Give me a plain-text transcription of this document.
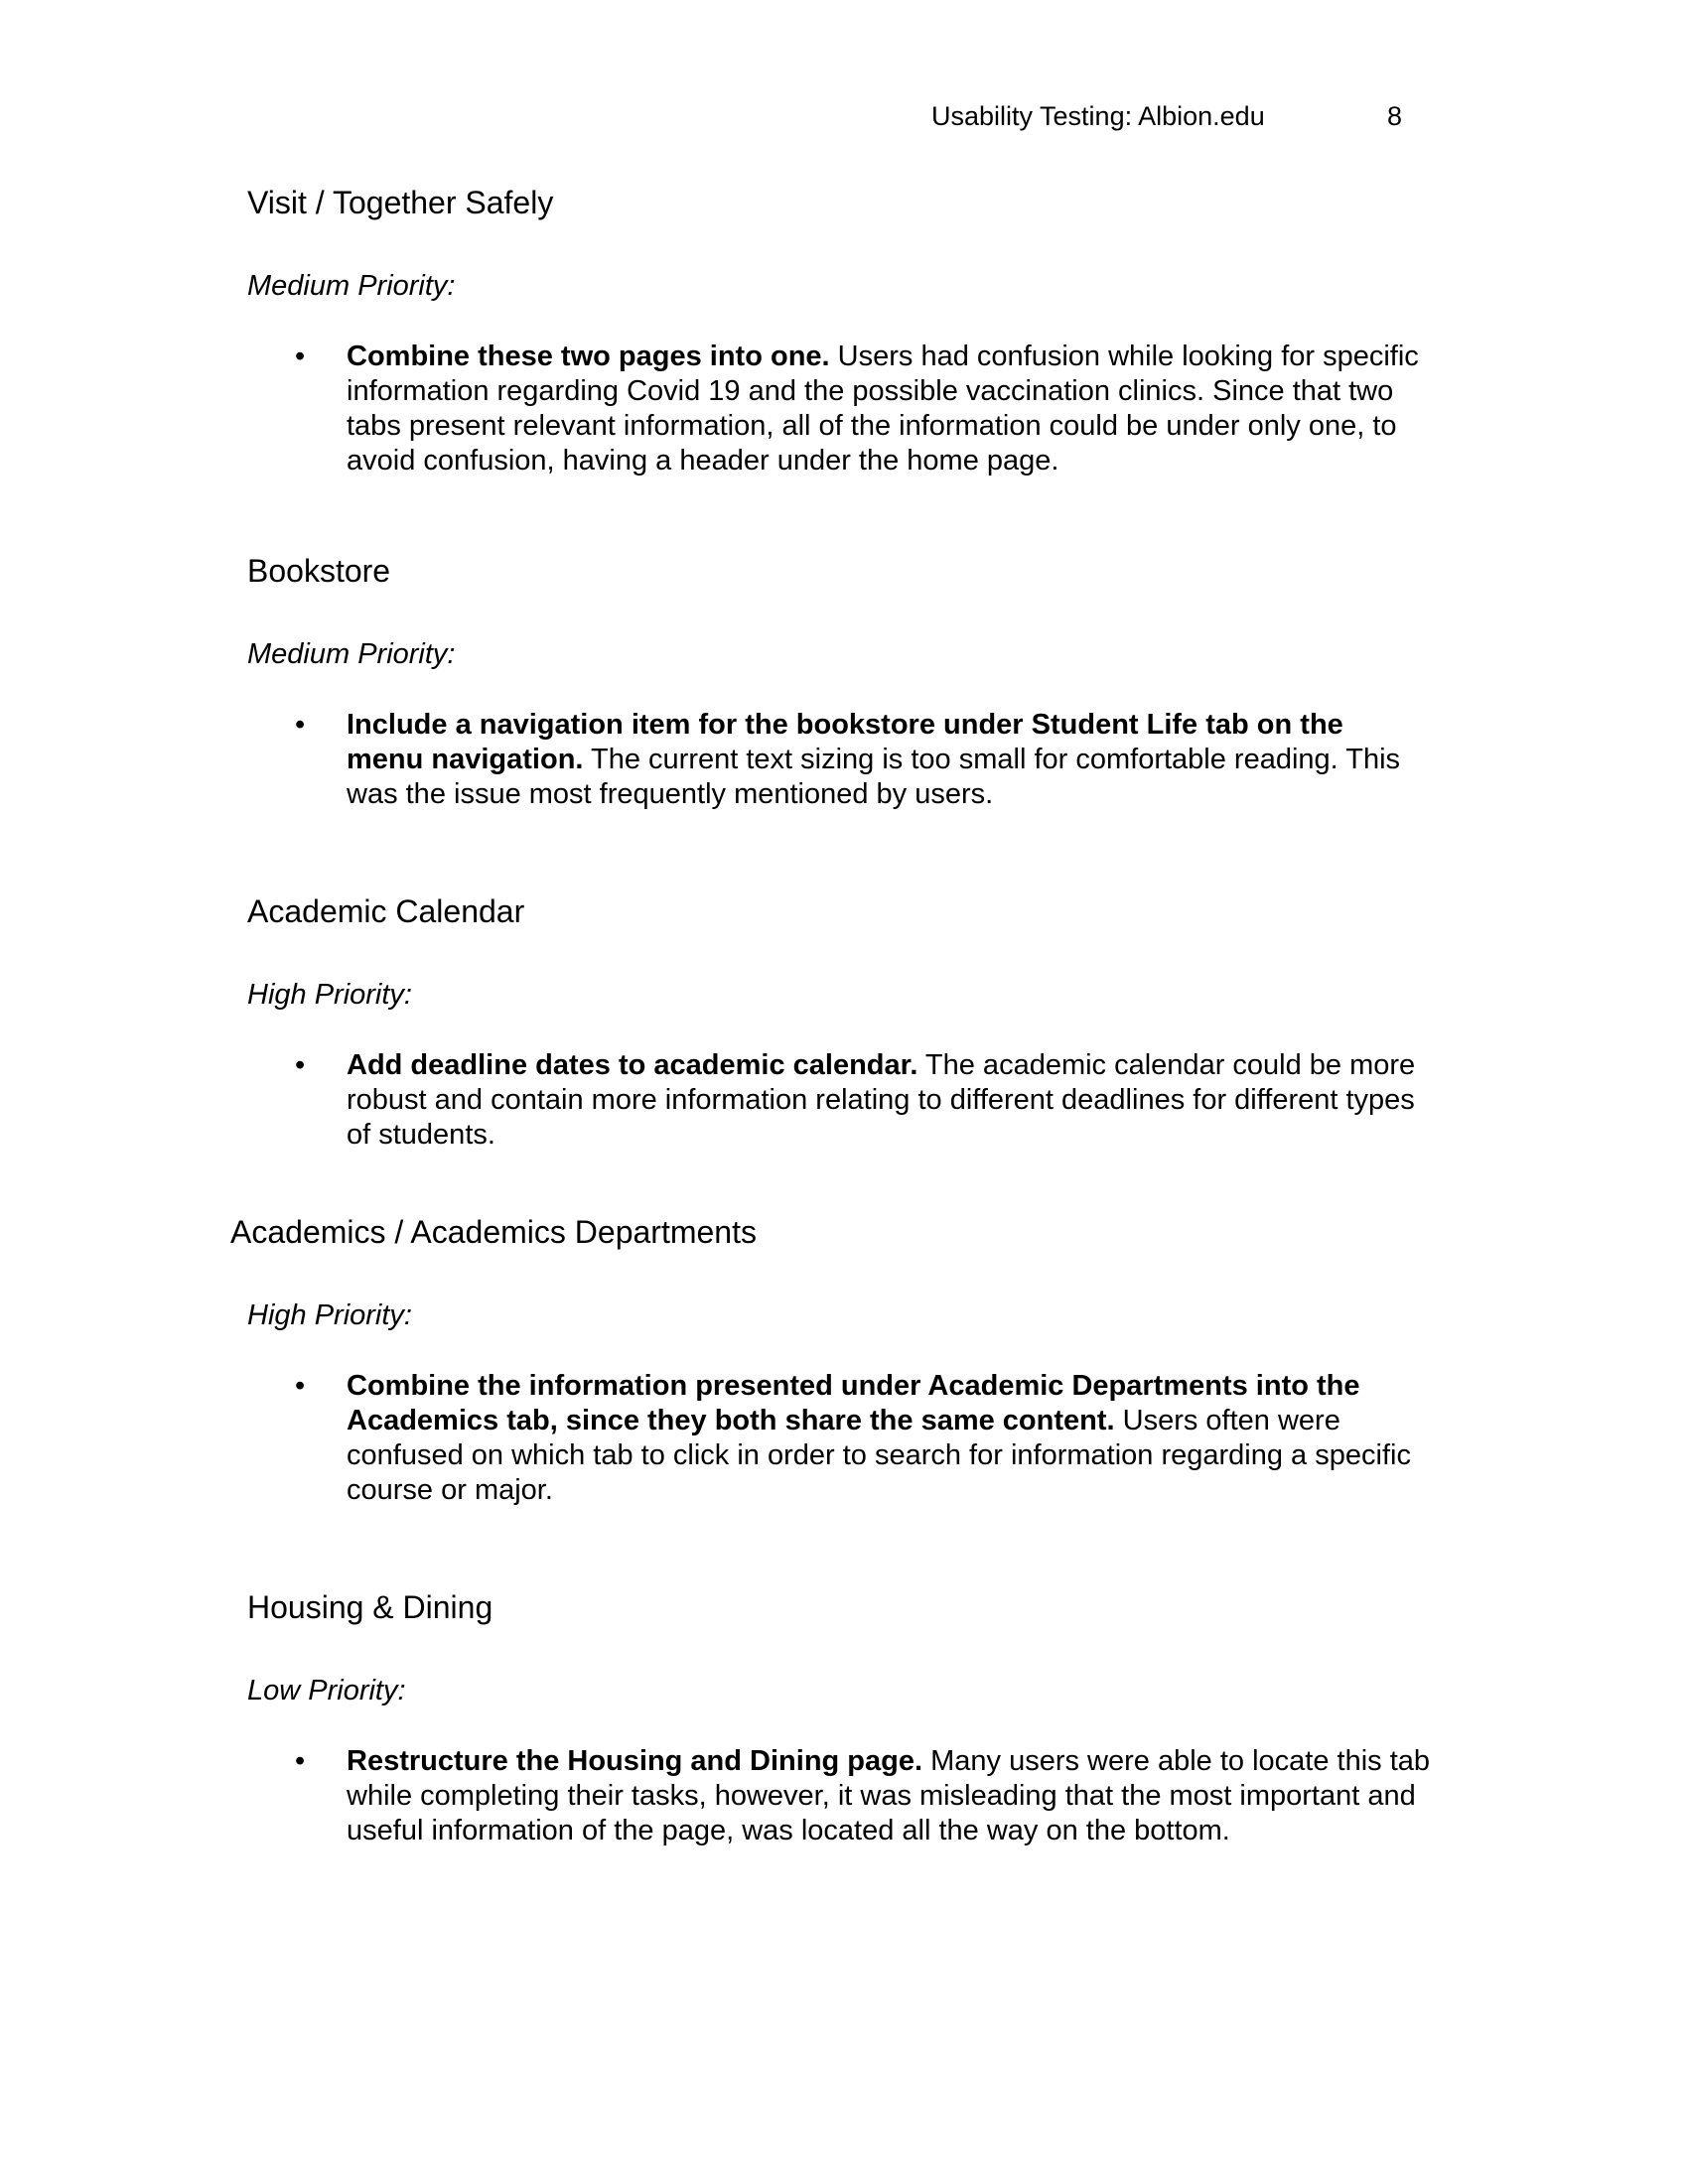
Usability Testing: Albion.edu	8
Visit / Together Safely
Medium Priority:
• Combine these two pages into one. Users had confusion while looking for specific information regarding Covid 19 and the possible vaccination clinics. Since that two tabs present relevant information, all of the information could be under only one, to avoid confusion, having a header under the home page.
Bookstore
Medium Priority:
• Include a navigation item for the bookstore under Student Life tab on the menu navigation. The current text sizing is too small for comfortable reading. This was the issue most frequently mentioned by users.
Academic Calendar
High Priority:
• Add deadline dates to academic calendar. The academic calendar could be more robust and contain more information relating to different deadlines for different types of students.
Academics / Academics Departments
High Priority:
• Combine the information presented under Academic Departments into the Academics tab, since they both share the same content. Users often were confused on which tab to click in order to search for information regarding a specific course or major.
Housing & Dining
Low Priority:
• Restructure the Housing and Dining page. Many users were able to locate this tab while completing their tasks, however, it was misleading that the most important and useful information of the page, was located all the way on the bottom.
